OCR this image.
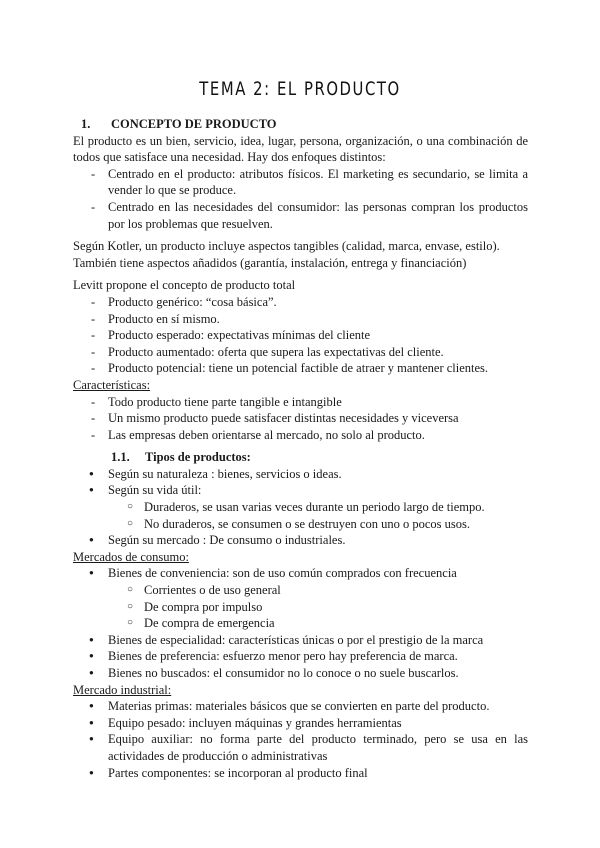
TEMA 2: EL PRODUCTO
1. CONCEPTO DE PRODUCTO

El producto es un bien, servicio, idea, lugar, persona, organización, o una combinación de todos que satisface una necesidad. Hay dos enfoques distintos:

- Centrado en el producto: atributos físicos. El marketing es secundario, se limita a vender lo que se produce.
- Centrado en las necesidades del consumidor: las personas compran los productos por los problemas que resuelven.

Según Kotler, un producto incluye aspectos tangibles (calidad, marca, envase, estilo). También tiene aspectos añadidos (garantía, instalación, entrega y financiación)

Levitt propone el concepto de producto total

- Producto genérico: “cosa básica”.
- Producto en sí mismo.
- Producto esperado: expectativas mínimas del cliente
- Producto aumentado: oferta que supera las expectativas del cliente.
- Producto potencial: tiene un potencial factible de atraer y mantener clientes.
Características:
- Todo producto tiene parte tangible e intangible
- Un mismo producto puede satisfacer distintas necesidades y viceversa
- Las empresas deben orientarse al mercado, no solo al producto.
1.1. Tipos de productos:
● Según su naturaleza : bienes, servicios o ideas.
● Según su vida útil:
○ Duraderos, se usan varias veces durante un periodo largo de tiempo.
○ No duraderos, se consumen o se destruyen con uno o pocos usos.
● Según su mercado : De consumo o industriales.
Mercados de consumo:
● Bienes de conveniencia: son de uso común comprados con frecuencia
○ Corrientes o de uso general
○ De compra por impulso
○ De compra de emergencia
● Bienes de especialidad: características únicas o por el prestigio de la marca
● Bienes de preferencia: esfuerzo menor pero hay preferencia de marca.
● Bienes no buscados: el consumidor no lo conoce o no suele buscarlos.
Mercado industrial:
● Materias primas: materiales básicos que se convierten en parte del producto.
● Equipo pesado: incluyen máquinas y grandes herramientas
● Equipo auxiliar: no forma parte del producto terminado, pero se usa en las actividades de producción o administrativas
● Partes componentes: se incorporan al producto final
